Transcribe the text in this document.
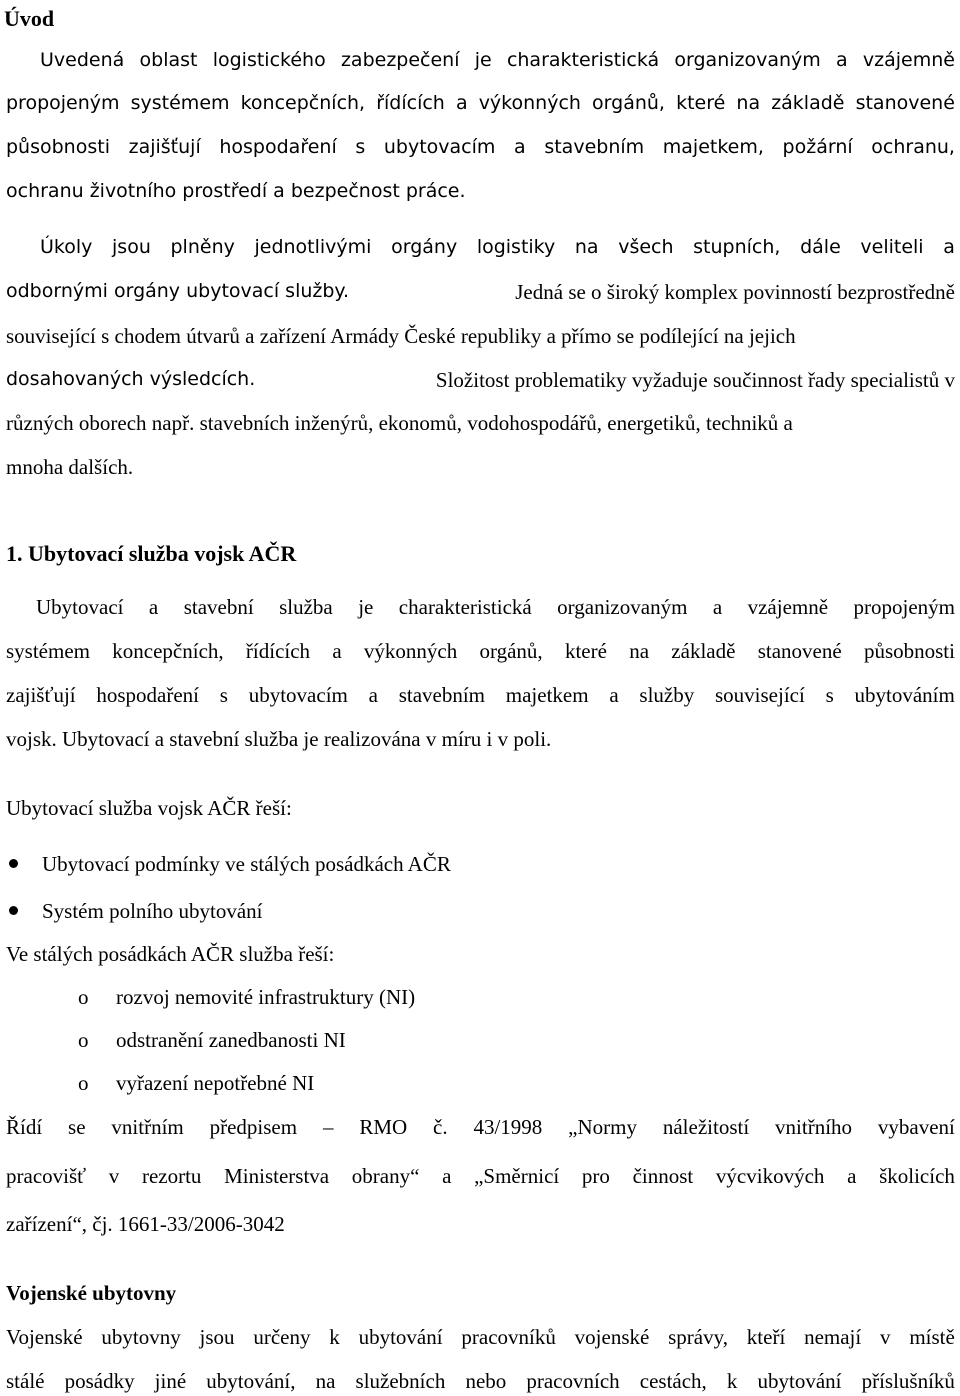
Úvod
Uvedená oblast logistického zabezpečení je charakteristická organizovaným a vzájemně
propojeným systémem koncepčních, řídících a výkonných orgánů, které na základě stanovené
působnosti zajišťují hospodaření s ubytovacím a stavebním majetkem, požární ochranu,
ochranu životního prostředí a bezpečnost práce.
Úkoly jsou plněny jednotlivými orgány logistiky na všech stupních, dále veliteli a
odbornými orgány ubytovací služby.	Jedná se o široký komplex povinností bezprostředně
související s chodem útvarů a zařízení Armády České republiky a přímo se podílející na jejich
dosahovaných výsledcích.	Složitost problematiky vyžaduje součinnost řady specialistů v
různých oborech např. stavebních inženýrů, ekonomů, vodohospodářů, energetiků, techniků a
mnoha dalších.
1. Ubytovací služba vojsk AČR
Ubytovací a stavební služba je charakteristická organizovaným a vzájemně propojeným
systémem koncepčních, řídících a výkonných orgánů, které na základě stanovené působnosti
zajišťují hospodaření s ubytovacím a stavebním majetkem a služby související s ubytováním
vojsk. Ubytovací a stavební služba je realizována v míru i v poli.
Ubytovací služba vojsk AČR řeší:
Ubytovací podmínky ve stálých posádkách AČR
Systém polního ubytování
Ve stálých posádkách AČR služba řeší:
o rozvoj nemovité infrastruktury (NI)
o odstranění zanedbanosti NI
o vyřazení nepotřebné NI
Řídí se vnitřním předpisem – RMO č. 43/1998 „Normy náležitostí vnitřního vybavení
pracovišť v rezortu Ministerstva obrany“ a „Směrnicí pro činnost výcvikových a školicích
zařízení“, čj. 1661-33/2006-3042
Vojenské ubytovny
Vojenské ubytovny jsou určeny k ubytování pracovníků vojenské správy, kteří nemají v místě
stálé posádky jiné ubytování, na služebních nebo pracovních cestách, k ubytování příslušníků
